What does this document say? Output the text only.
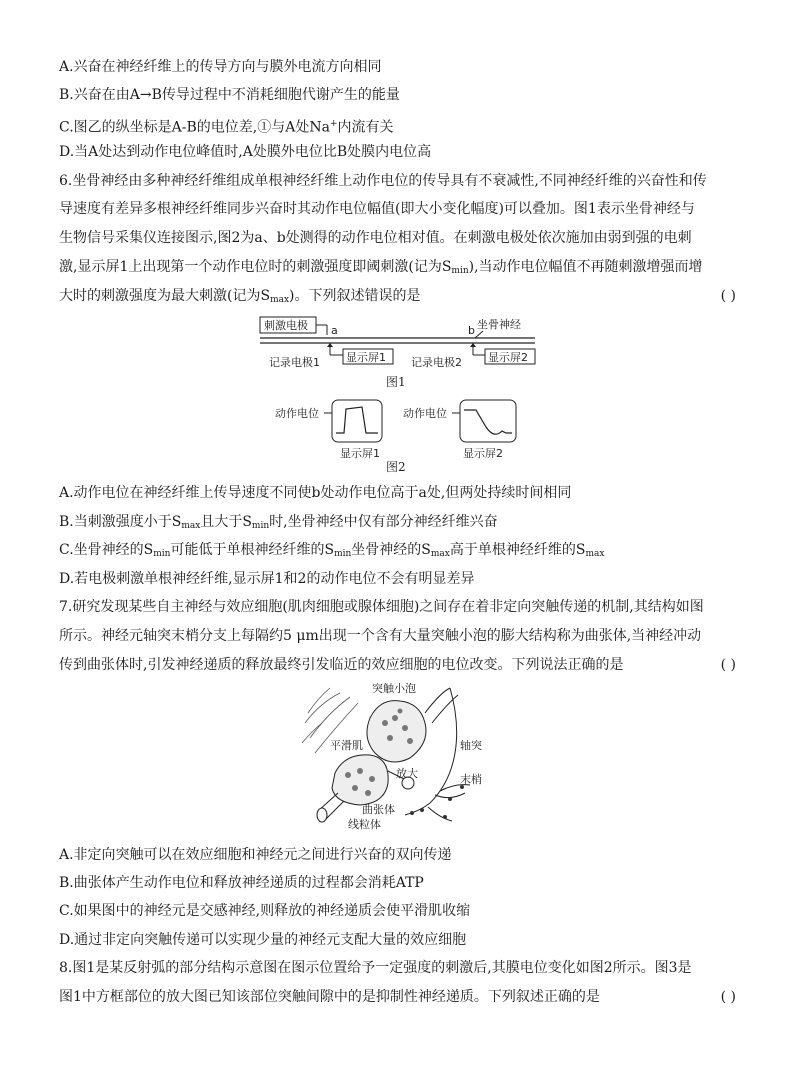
A.兴奋在神经纤维上的传导方向与膜外电流方向相同
B.兴奋在由A→B传导过程中不消耗细胞代谢产生的能量
C.图乙的纵坐标是A-B的电位差,①与A处Na+内流有关
D.当A处达到动作电位峰值时,A处膜外电位比B处膜内电位高
6.坐骨神经由多种神经纤维组成单根神经纤维上动作电位的传导具有不衰减性,不同神经纤维的兴奋性和传
导速度有差异多根神经纤维同步兴奋时其动作电位幅值(即大小变化幅度)可以叠加。图1表示坐骨神经与
生物信号采集仪连接图示,图2为a、b处测得的动作电位相对值。在刺激电极处依次施加由弱到强的电刺
激,显示屏1上出现第一个动作电位时的刺激强度即阈刺激(记为$S_{min}$),当动作电位幅值不再随刺激增强而增
大时的刺激强度为最大刺激(记为$S_{max}$)。下列叙述错误的是	( )
刺激电极 a	b 坐骨神经
显示屏1
记录电极1	显示屏2
记录电极2
图1
动作电位
显示屏1
动作电位
显示屏2
图2
A.动作电位在神经纤维上传导速度不同使b处动作电位高于a处,但两处持续时间相同
B.当刺激强度小于$S_{max}$且大于$S_{min}$时,坐骨神经中仅有部分神经纤维兴奋
C.坐骨神经的$S_{min}$可能低于单根神经纤维的$S_{min}$坐骨神经的$S_{max}$高于单根神经纤维的$S_{max}$
D.若电极刺激单根神经纤维,显示屏1和2的动作电位不会有明显差异
7.研究发现某些自主神经与效应细胞(肌肉细胞或腺体细胞)之间存在着非定向突触传递的机制,其结构如图
所示。神经元轴突末梢分支上每隔约5 μm出现一个含有大量突触小泡的膨大结构称为曲张体,当神经冲动
传到曲张体时,引发神经递质的释放最终引发临近的效应细胞的电位改变。下列说法正确的是	( )
突触小泡
平滑肌	轴突
放大	末梢
曲张体
线粒体
A.非定向突触可以在效应细胞和神经元之间进行兴奋的双向传递
B.曲张体产生动作电位和释放神经递质的过程都会消耗ATP
C.如果图中的神经元是交感神经,则释放的神经递质会使平滑肌收缩
D.通过非定向突触传递可以实现少量的神经元支配大量的效应细胞
8.图1是某反射弧的部分结构示意图在图示位置给予一定强度的刺激后,其膜电位变化如图2所示。图3是
图1中方框部位的放大图已知该部位突触间隙中的是抑制性神经递质。下列叙述正确的是	( )
